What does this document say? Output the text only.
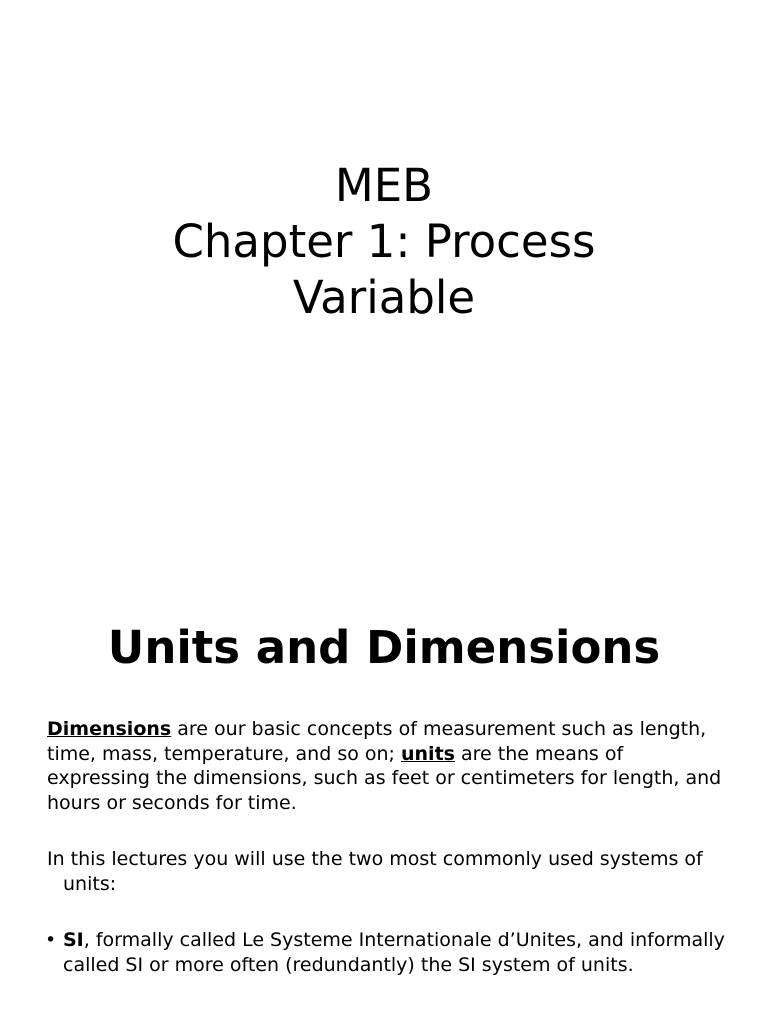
MEB
Chapter 1: Process
Variable
Units and Dimensions

Dimensions are our basic concepts of measurement such as length, time, mass, temperature, and so on; units are the means of expressing the dimensions, such as feet or centimeters for length, and hours or seconds for time.

In this lectures you will use the two most commonly used systems of units:

• SI, formally called Le Systeme Internationale d’Unites, and informally called SI or more often (redundantly) the SI system of units.
